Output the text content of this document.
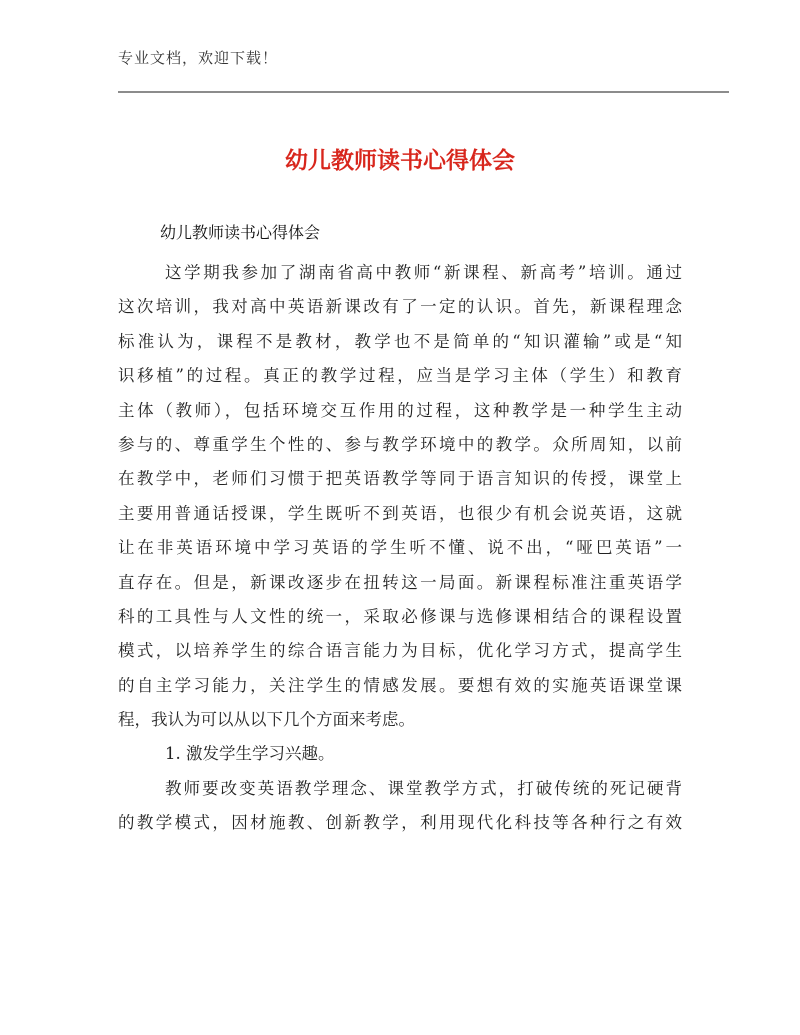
专业文档，欢迎下载！
幼儿教师读书心得体会
幼儿教师读书心得体会
这学期我参加了湖南省高中教师“新课程、新高考”培训。通过
这次培训，我对高中英语新课改有了一定的认识。首先，新课程理念
标准认为，课程不是教材，教学也不是简单的“知识灌输”或是“知
识移植”的过程。真正的教学过程，应当是学习主体（学生）和教育
主体（教师），包括环境交互作用的过程，这种教学是一种学生主动
参与的、尊重学生个性的、参与教学环境中的教学。众所周知，以前
在教学中，老师们习惯于把英语教学等同于语言知识的传授，课堂上
主要用普通话授课，学生既听不到英语，也很少有机会说英语，这就
让在非英语环境中学习英语的学生听不懂、说不出，“哑巴英语”一
直存在。但是，新课改逐步在扭转这一局面。新课程标准注重英语学
科的工具性与人文性的统一，采取必修课与选修课相结合的课程设置
模式，以培养学生的综合语言能力为目标，优化学习方式，提高学生
的自主学习能力，关注学生的情感发展。要想有效的实施英语课堂课
程，我认为可以从以下几个方面来考虑。
1. 激发学生学习兴趣。
教师要改变英语教学理念、课堂教学方式，打破传统的死记硬背
的教学模式，因材施教、创新教学，利用现代化科技等各种行之有效
